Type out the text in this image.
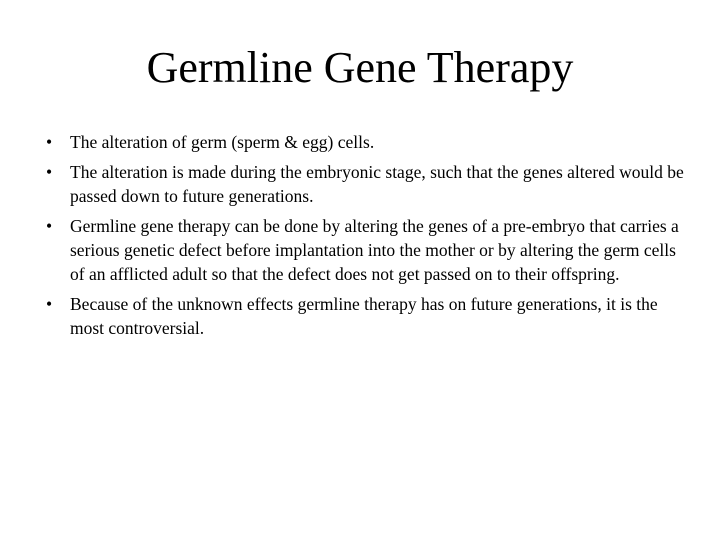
Germline Gene Therapy
•	The alteration of germ (sperm & egg) cells.
•	The alteration is made during the embryonic stage, such that the genes altered would be passed down to future generations.
•	Germline gene therapy can be done by altering the genes of a pre-embryo that carries a serious genetic defect before implantation into the mother or by altering the germ cells of an afflicted adult so that the defect does not get passed on to their offspring.
•	Because of the unknown effects germline therapy has on future generations, it is the most controversial.
